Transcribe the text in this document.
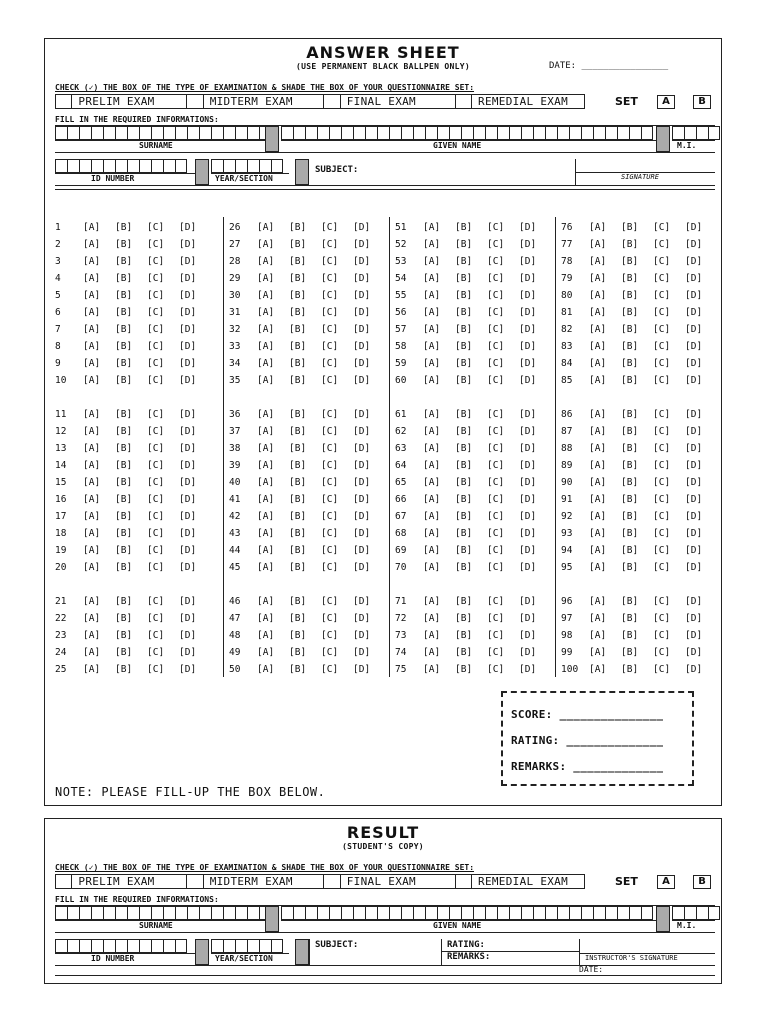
ANSWER SHEET
(USE PERMANENT BLACK BALLPEN ONLY)	DATE: ________________
CHECK (✓) THE BOX OF THE TYPE OF EXAMINATION & SHADE THE BOX OF YOUR QUESTIONNAIRE SET:
PRELIM EXAM	MIDTERM EXAM	FINAL EXAM	REMEDIAL EXAM	SET	A	B
FILL IN THE REQUIRED INFORMATIONS:
SURNAME	GIVEN NAME	M.I.
ID NUMBER	YEAR/SECTION
SUBJECT:
SIGNATURE
1	[A]	[B]	[C]	[D]
2	[A]	[B]	[C]	[D]
3	[A]	[B]	[C]	[D]
4	[A]	[B]	[C]	[D]
5	[A]	[B]	[C]	[D]
6	[A]	[B]	[C]	[D]
7	[A]	[B]	[C]	[D]
8	[A]	[B]	[C]	[D]
9	[A]	[B]	[C]	[D]
10	[A]	[B]	[C]	[D]
11	[A]	[B]	[C]	[D]
12	[A]	[B]	[C]	[D]
13	[A]	[B]	[C]	[D]
14	[A]	[B]	[C]	[D]
15	[A]	[B]	[C]	[D]
16	[A]	[B]	[C]	[D]
17	[A]	[B]	[C]	[D]
18	[A]	[B]	[C]	[D]
19	[A]	[B]	[C]	[D]
20	[A]	[B]	[C]	[D]
21	[A]	[B]	[C]	[D]
22	[A]	[B]	[C]	[D]
23	[A]	[B]	[C]	[D]
24	[A]	[B]	[C]	[D]
25	[A]	[B]	[C]	[D]
26	[A]	[B]	[C]	[D]
27	[A]	[B]	[C]	[D]
28	[A]	[B]	[C]	[D]
29	[A]	[B]	[C]	[D]
30	[A]	[B]	[C]	[D]
31	[A]	[B]	[C]	[D]
32	[A]	[B]	[C]	[D]
33	[A]	[B]	[C]	[D]
34	[A]	[B]	[C]	[D]
35	[A]	[B]	[C]	[D]
36	[A]	[B]	[C]	[D]
37	[A]	[B]	[C]	[D]
38	[A]	[B]	[C]	[D]
39	[A]	[B]	[C]	[D]
40	[A]	[B]	[C]	[D]
41	[A]	[B]	[C]	[D]
42	[A]	[B]	[C]	[D]
43	[A]	[B]	[C]	[D]
44	[A]	[B]	[C]	[D]
45	[A]	[B]	[C]	[D]
46	[A]	[B]	[C]	[D]
47	[A]	[B]	[C]	[D]
48	[A]	[B]	[C]	[D]
49	[A]	[B]	[C]	[D]
50	[A]	[B]	[C]	[D]
51	[A]	[B]	[C]	[D]
52	[A]	[B]	[C]	[D]
53	[A]	[B]	[C]	[D]
54	[A]	[B]	[C]	[D]
55	[A]	[B]	[C]	[D]
56	[A]	[B]	[C]	[D]
57	[A]	[B]	[C]	[D]
58	[A]	[B]	[C]	[D]
59	[A]	[B]	[C]	[D]
60	[A]	[B]	[C]	[D]
61	[A]	[B]	[C]	[D]
62	[A]	[B]	[C]	[D]
63	[A]	[B]	[C]	[D]
64	[A]	[B]	[C]	[D]
65	[A]	[B]	[C]	[D]
66	[A]	[B]	[C]	[D]
67	[A]	[B]	[C]	[D]
68	[A]	[B]	[C]	[D]
69	[A]	[B]	[C]	[D]
70	[A]	[B]	[C]	[D]
71	[A]	[B]	[C]	[D]
72	[A]	[B]	[C]	[D]
73	[A]	[B]	[C]	[D]
74	[A]	[B]	[C]	[D]
75	[A]	[B]	[C]	[D]
76	[A]	[B]	[C]	[D]
77	[A]	[B]	[C]	[D]
78	[A]	[B]	[C]	[D]
79	[A]	[B]	[C]	[D]
80	[A]	[B]	[C]	[D]
81	[A]	[B]	[C]	[D]
82	[A]	[B]	[C]	[D]
83	[A]	[B]	[C]	[D]
84	[A]	[B]	[C]	[D]
85	[A]	[B]	[C]	[D]
86	[A]	[B]	[C]	[D]
87	[A]	[B]	[C]	[D]
88	[A]	[B]	[C]	[D]
89	[A]	[B]	[C]	[D]
90	[A]	[B]	[C]	[D]
91	[A]	[B]	[C]	[D]
92	[A]	[B]	[C]	[D]
93	[A]	[B]	[C]	[D]
94	[A]	[B]	[C]	[D]
95	[A]	[B]	[C]	[D]
96	[A]	[B]	[C]	[D]
97	[A]	[B]	[C]	[D]
98	[A]	[B]	[C]	[D]
99	[A]	[B]	[C]	[D]
100	[A]	[B]	[C]	[D]
SCORE: _______________
RATING: ______________
REMARKS: _____________
NOTE: PLEASE FILL-UP THE BOX BELOW.
RESULT
(STUDENT'S COPY)
CHECK (✓) THE BOX OF THE TYPE OF EXAMINATION & SHADE THE BOX OF YOUR QUESTIONNAIRE SET:
PRELIM EXAM	MIDTERM EXAM	FINAL EXAM	REMEDIAL EXAM	SET	A	B
FILL IN THE REQUIRED INFORMATIONS:
SURNAME	GIVEN NAME	M.I.
ID NUMBER	YEAR/SECTION
SUBJECT:	RATING:
REMARKS:	INSTRUCTOR'S SIGNATURE
DATE:
